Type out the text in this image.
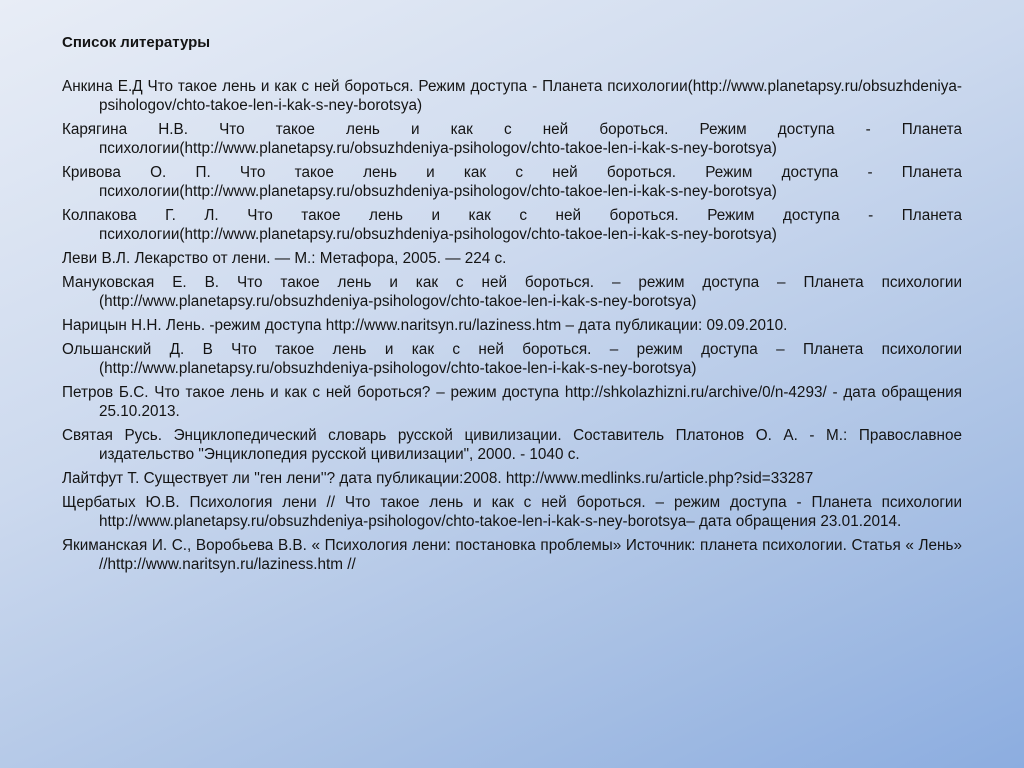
Список литературы
Анкина Е.Д Что такое лень и как с ней бороться. Режим доступа - Планета психологии(http://www.planetapsy.ru/obsuzhdeniya-psihologov/chto-takoe-len-i-kak-s-ney-borotsya)
Карягина Н.В. Что такое лень и как с ней бороться. Режим доступа - Планета психологии(http://www.planetapsy.ru/obsuzhdeniya-psihologov/chto-takoe-len-i-kak-s-ney-borotsya)
Кривова О. П. Что такое лень и как с ней бороться. Режим доступа - Планета психологии(http://www.planetapsy.ru/obsuzhdeniya-psihologov/chto-takoe-len-i-kak-s-ney-borotsya)
Колпакова Г. Л. Что такое лень и как с ней бороться. Режим доступа - Планета психологии(http://www.planetapsy.ru/obsuzhdeniya-psihologov/chto-takoe-len-i-kak-s-ney-borotsya)
Леви В.Л. Лекарство от лени. — М.: Метафора, 2005. — 224 с.
Мануковская Е. В. Что такое лень и как с ней бороться. – режим доступа – Планета психологии (http://www.planetapsy.ru/obsuzhdeniya-psihologov/chto-takoe-len-i-kak-s-ney-borotsya)
Нарицын Н.Н. Лень. -режим доступа http://www.naritsyn.ru/laziness.htm – дата публикации: 09.09.2010.
Ольшанский Д. В Что такое лень и как с ней бороться. – режим доступа – Планета психологии (http://www.planetapsy.ru/obsuzhdeniya-psihologov/chto-takoe-len-i-kak-s-ney-borotsya)
Петров Б.С. Что такое лень и как с ней бороться? – режим доступа http://shkolazhizni.ru/archive/0/n-4293/ - дата обращения 25.10.2013.
Святая Русь. Энциклопедический словарь русской цивилизации. Составитель Платонов О. А. - М.: Православное издательство "Энциклопедия русской цивилизации", 2000. - 1040 с.
Лайтфут Т. Существует ли ''ген лени''? дата публикации:2008. http://www.medlinks.ru/article.php?sid=33287
Щербатых Ю.В. Психология лени // Что такое лень и как с ней бороться. – режим доступа - Планета психологии http://www.planetapsy.ru/obsuzhdeniya-psihologov/chto-takoe-len-i-kak-s-ney-borotsya– дата обращения 23.01.2014.
Якиманская И. С., Воробьева В.В. « Психология лени: постановка проблемы» Источник: планета психологии. Статья « Лень» //http://www.naritsyn.ru/laziness.htm //
